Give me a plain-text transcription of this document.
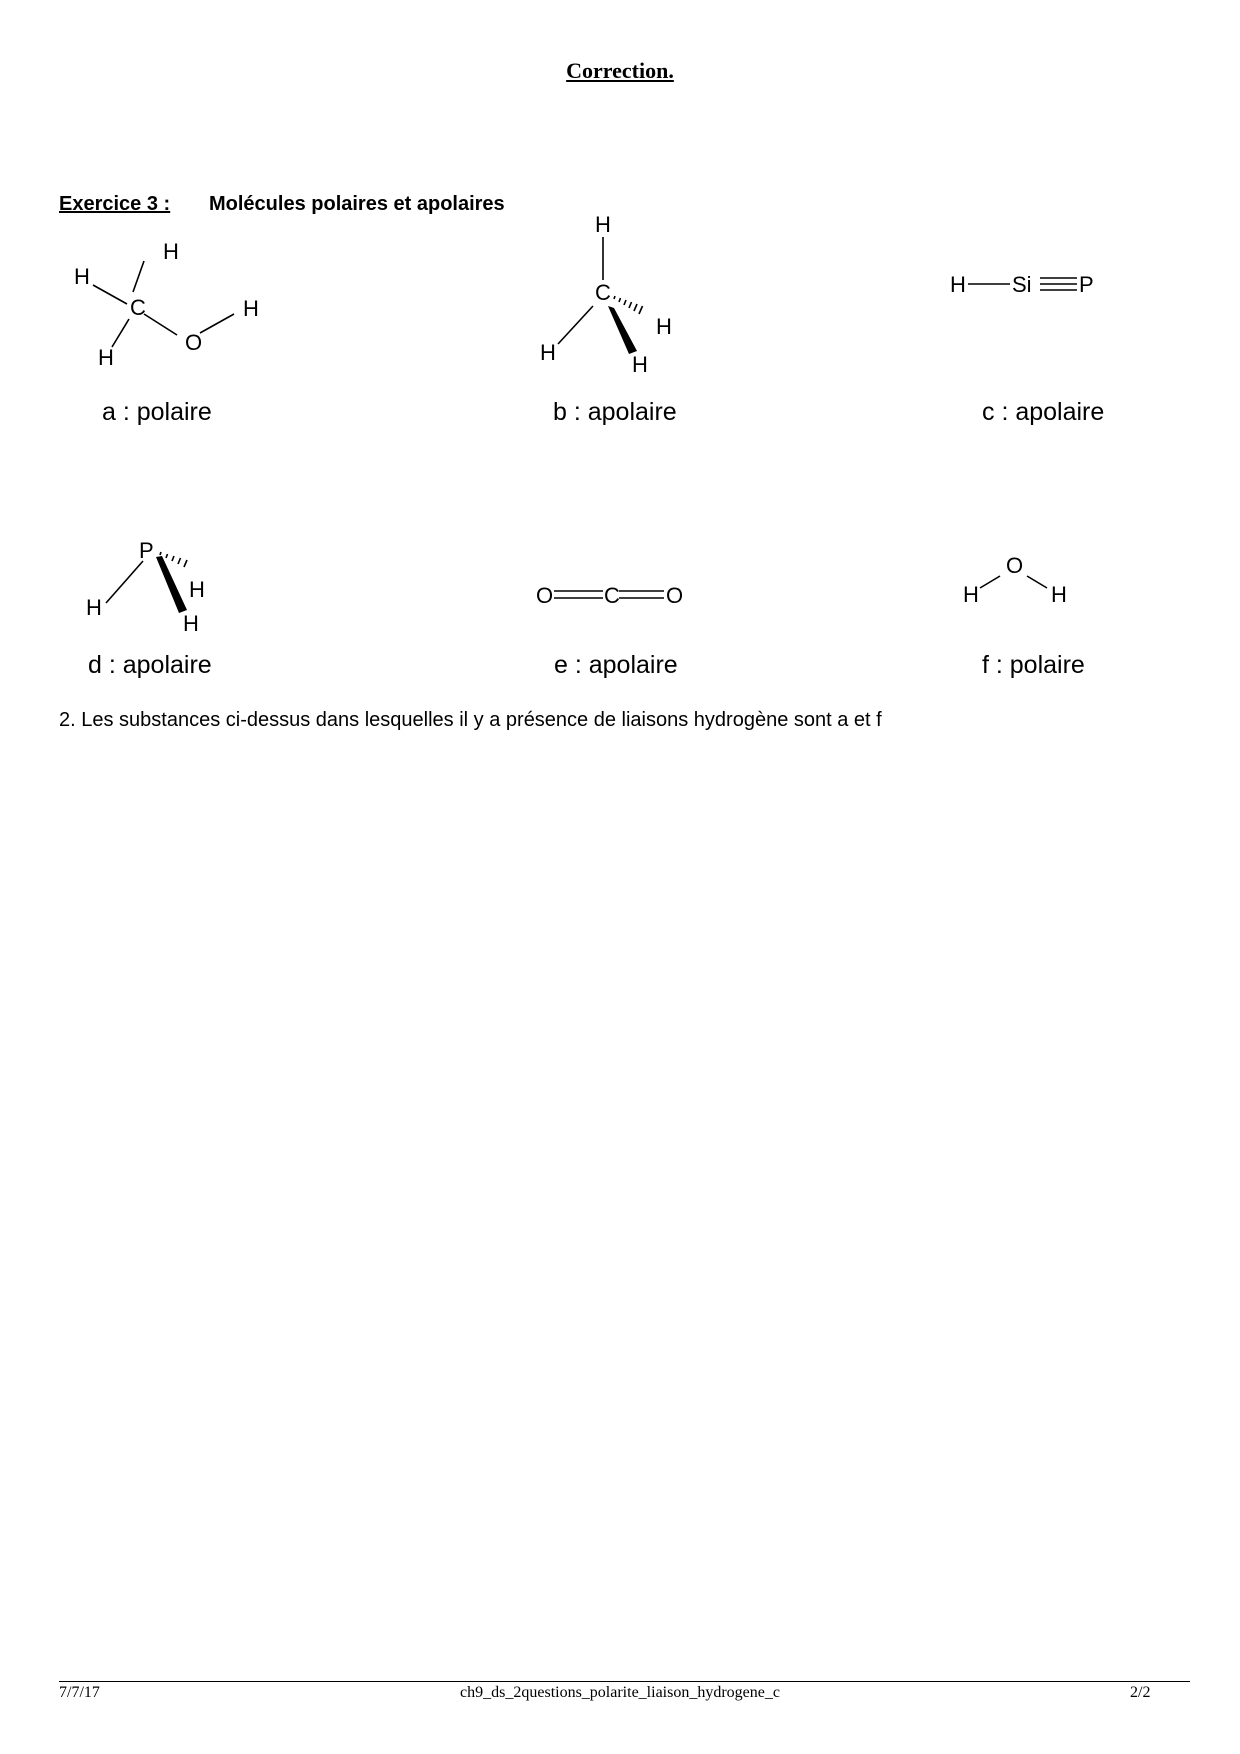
Correction.
Exercice 3 : Molécules polaires et apolaires
H
H
C
H
O
H
a : polaire
H
C
H
H	H
b : apolaire
H Si P
c : apolaire
P
H
H
H
d : apolaire
O C O
e : apolaire
O
H	H
f : polaire
2. Les substances ci-dessus dans lesquelles il y a présence de liaisons hydrogène sont a et f
7/7/17	ch9_ds_2questions_polarite_liaison_hydrogene_c	2/2
